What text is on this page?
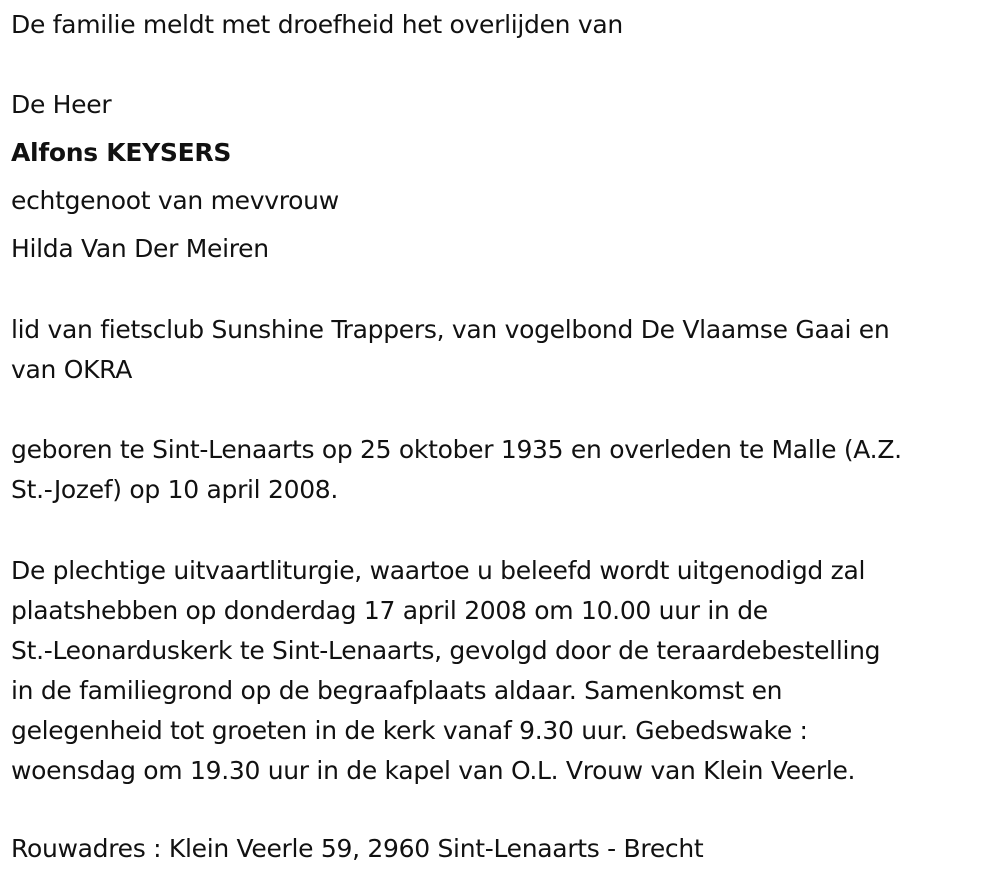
De familie meldt met droefheid het overlijden van
De Heer
Alfons KEYSERS
echtgenoot van mevvrouw
Hilda Van Der Meiren
lid van fietsclub Sunshine Trappers, van vogelbond De Vlaamse Gaai en
van OKRA
geboren te Sint-Lenaarts op 25 oktober 1935 en overleden te Malle (A.Z.
St.-Jozef) op 10 april 2008.
De plechtige uitvaartliturgie, waartoe u beleefd wordt uitgenodigd zal
plaatshebben op donderdag 17 april 2008 om 10.00 uur in de
St.-Leonarduskerk te Sint-Lenaarts, gevolgd door de teraardebestelling
in de familiegrond op de begraafplaats aldaar. Samenkomst en
gelegenheid tot groeten in de kerk vanaf 9.30 uur. Gebedswake :
woensdag om 19.30 uur in de kapel van O.L. Vrouw van Klein Veerle.
Rouwadres : Klein Veerle 59, 2960 Sint-Lenaarts - Brecht
